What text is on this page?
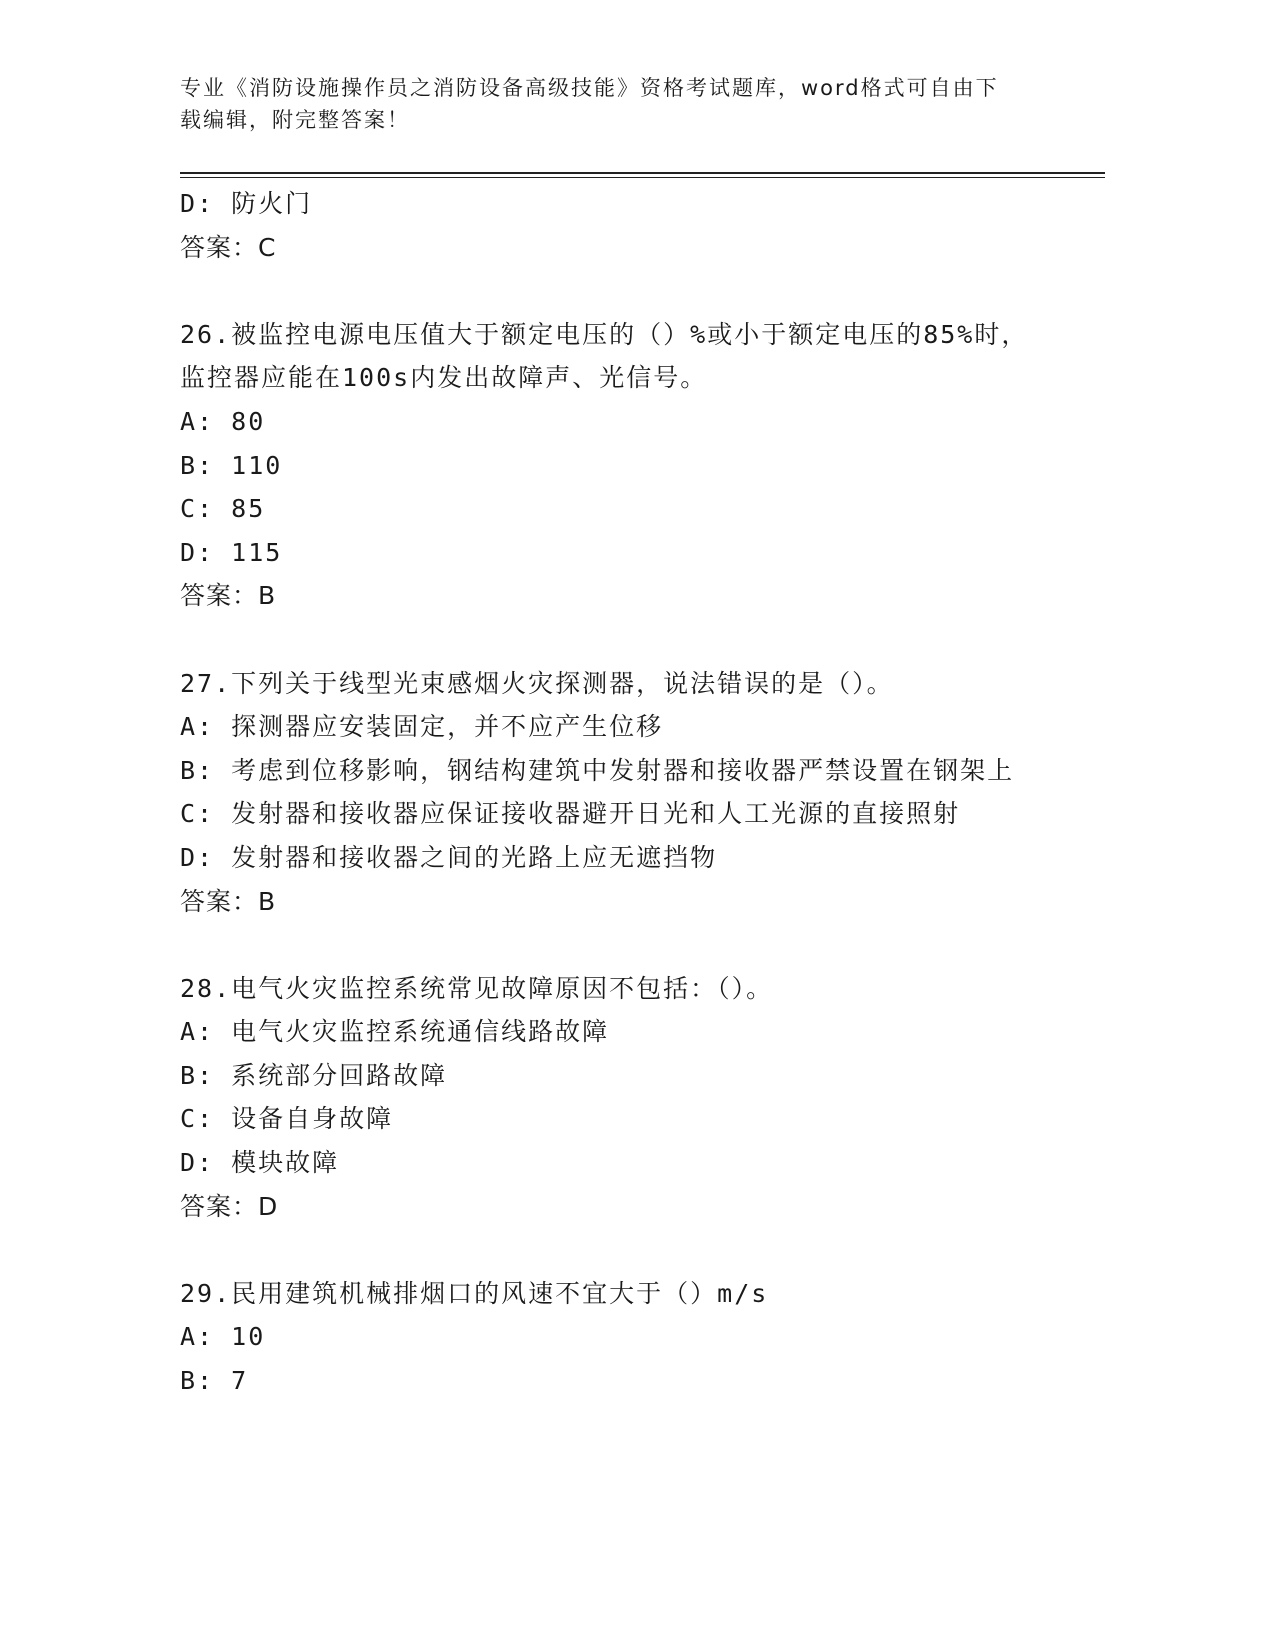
专业《消防设施操作员之消防设备高级技能》资格考试题库，word格式可自由下
载编辑，附完整答案！
D: 防火门
答案：C
26.被监控电源电压值大于额定电压的（）%或小于额定电压的85%时，
监控器应能在100s内发出故障声、光信号。
A: 80
B: 110
C: 85
D: 115
答案：B
27.下列关于线型光束感烟火灾探测器，说法错误的是（）。
A: 探测器应安装固定，并不应产生位移
B: 考虑到位移影响，钢结构建筑中发射器和接收器严禁设置在钢架上
C: 发射器和接收器应保证接收器避开日光和人工光源的直接照射
D: 发射器和接收器之间的光路上应无遮挡物
答案：B
28.电气火灾监控系统常见故障原因不包括：（）。
A: 电气火灾监控系统通信线路故障
B: 系统部分回路故障
C: 设备自身故障
D: 模块故障
答案：D
29.民用建筑机械排烟口的风速不宜大于（）m/s
A: 10
B: 7
